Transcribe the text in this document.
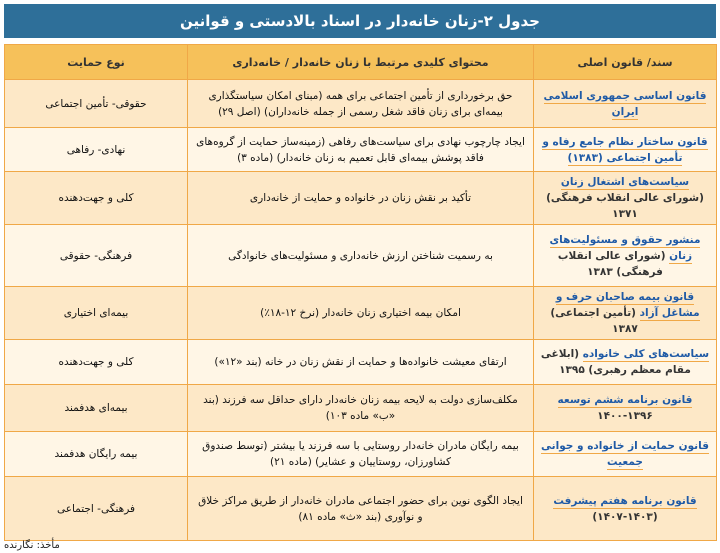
جدول ۲-زنان خانه‌دار در اسناد بالادستی و قوانین
سند/ قانون اصلی	محتوای کلیدی مرتبط با زنان خانه‌دار / خانه‌داری	نوع حمایت
قانون اساسی جمهوری اسلامی ایران	حق برخورداری از تأمین اجتماعی برای همه (مبنای امکان سیاستگذاری بیمه‌ای برای زنان فاقد شغل رسمی از جمله خانه‌داران) (اصل ۲۹)	حقوقی- تأمین اجتماعی
قانون ساختار نظام جامع رفاه و تأمین اجتماعی (۱۳۸۳)	ایجاد چارچوب نهادی برای سیاست‌های رفاهی (زمینه‌ساز حمایت از گروه‌های فاقد پوشش بیمه‌ای قابل تعمیم به زنان خانه‌دار) (ماده ۳)	نهادی- رفاهی
سیاست‌های اشتغال زنان (شورای عالی انقلاب فرهنگی) ۱۳۷۱	تأکید بر نقش زنان در خانواده و حمایت از خانه‌داری	کلی و جهت‌دهنده
منشور حقوق و مسئولیت‌های زنان (شورای عالی انقلاب فرهنگی) ۱۳۸۳	به رسمیت شناختن ارزش خانه‌داری و مسئولیت‌های خانوادگی	فرهنگی- حقوقی
قانون بیمه صاحبان حرف و مشاغل آزاد (تأمین اجتماعی) ۱۳۸۷	امکان بیمه اختیاری زنان خانه‌دار (نرخ ۱۲-۱۸٪)	بیمه‌ای اختیاری
سیاست‌های کلی خانواده (ابلاغی مقام معظم رهبری) ۱۳۹۵	ارتقای معیشت خانواده‌ها و حمایت از نقش زنان در خانه (بند «۱۲»)	کلی و جهت‌دهنده
قانون برنامه ششم توسعه ۱۳۹۶-۱۴۰۰	مکلف‌سازی دولت به لایحه بیمه زنان خانه‌دار دارای حداقل سه فرزند (بند «ب» ماده ۱۰۳)	بیمه‌ای هدفمند
قانون حمایت از خانواده و جوانی جمعیت	بیمه رایگان مادران خانه‌دار روستایی با سه فرزند یا بیشتر (توسط صندوق کشاورزان، روستاییان و عشایر) (ماده ۲۱)	بیمه رایگان هدفمند
قانون برنامه هفتم پیشرفت (۱۴۰۳-۱۴۰۷)	ایجاد الگوی نوین برای حضور اجتماعی مادران خانه‌دار از طریق مراکز خلاق و نوآوری (بند «ث» ماده ۸۱)	فرهنگی- اجتماعی
مأخذ: نگارنده
